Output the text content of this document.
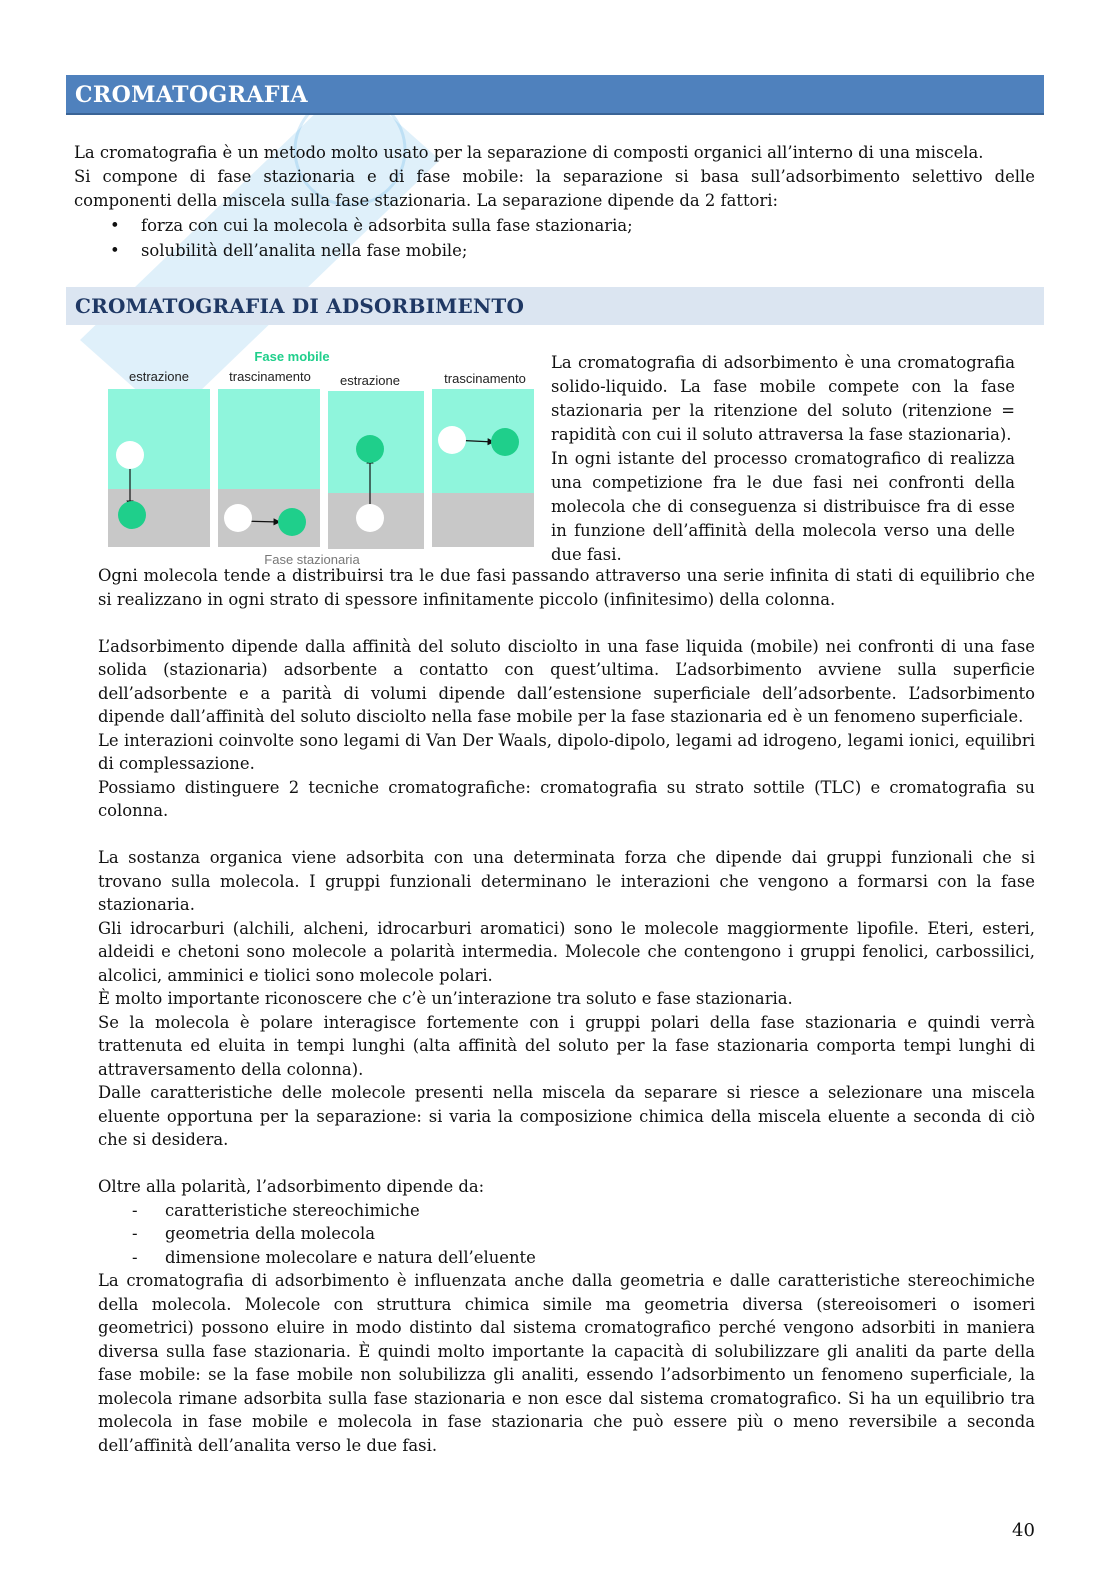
CROMATOGRAFIA
La cromatografia è un metodo molto usato per la separazione di composti organici all’interno di una miscela.
Si compone di fase stazionaria e di fase mobile: la separazione si basa sull’adsorbimento selettivo delle componenti della miscela sulla fase stazionaria. La separazione dipende da 2 fattori:
• forza con cui la molecola è adsorbita sulla fase stazionaria;
• solubilità dell’analita nella fase mobile;
CROMATOGRAFIA DI ADSORBIMENTO
Fase mobile
estrazione	trascinamento estrazione	trascinamento
Fase stazionaria

La cromatografia di adsorbimento è una cromatografia solido-liquido. La fase mobile compete con la fase stazionaria per la ritenzione del soluto (ritenzione = rapidità con cui il soluto attraversa la fase stazionaria).

In ogni istante del processo cromatografico di realizza una competizione fra le due fasi nei confronti della molecola che di conseguenza si distribuisce fra di esse in funzione dell’affinità della molecola verso una delle due fasi.

Ogni molecola tende a distribuirsi tra le due fasi passando attraverso una serie infinita di stati di equilibrio che si realizzano in ogni strato di spessore infinitamente piccolo (infinitesimo) della colonna.

L’adsorbimento dipende dalla affinità del soluto disciolto in una fase liquida (mobile) nei confronti di una fase solida (stazionaria) adsorbente a contatto con quest’ultima. L’adsorbimento avviene sulla superficie dell’adsorbente e a parità di volumi dipende dall’estensione superficiale dell’adsorbente. L’adsorbimento dipende dall’affinità del soluto disciolto nella fase mobile per la fase stazionaria ed è un fenomeno superficiale.

Le interazioni coinvolte sono legami di Van Der Waals, dipolo-dipolo, legami ad idrogeno, legami ionici, equilibri di complessazione.

Possiamo distinguere 2 tecniche cromatografiche: cromatografia su strato sottile (TLC) e cromatografia su colonna.

La sostanza organica viene adsorbita con una determinata forza che dipende dai gruppi funzionali che si trovano sulla molecola. I gruppi funzionali determinano le interazioni che vengono a formarsi con la fase stazionaria.

Gli idrocarburi (alchili, alcheni, idrocarburi aromatici) sono le molecole maggiormente lipofile. Eteri, esteri, aldeidi e chetoni sono molecole a polarità intermedia. Molecole che contengono i gruppi fenolici, carbossilici, alcolici, amminici e tiolici sono molecole polari.

È molto importante riconoscere che c’è un’interazione tra soluto e fase stazionaria.

Se la molecola è polare interagisce fortemente con i gruppi polari della fase stazionaria e quindi verrà trattenuta ed eluita in tempi lunghi (alta affinità del soluto per la fase stazionaria comporta tempi lunghi di attraversamento della colonna).

Dalle caratteristiche delle molecole presenti nella miscela da separare si riesce a selezionare una miscela eluente opportuna per la separazione: si varia la composizione chimica della miscela eluente a seconda di ciò che si desidera.

Oltre alla polarità, l’adsorbimento dipende da:

- caratteristiche stereochimiche
- geometria della molecola
- dimensione molecolare e natura dell’eluente

La cromatografia di adsorbimento è influenzata anche dalla geometria e dalle caratteristiche stereochimiche della molecola. Molecole con struttura chimica simile ma geometria diversa (stereoisomeri o isomeri geometrici) possono eluire in modo distinto dal sistema cromatografico perché vengono adsorbiti in maniera diversa sulla fase stazionaria. È quindi molto importante la capacità di solubilizzare gli analiti da parte della fase mobile: se la fase mobile non solubilizza gli analiti, essendo l’adsorbimento un fenomeno superficiale, la molecola rimane adsorbita sulla fase stazionaria e non esce dal sistema cromatografico. Si ha un equilibrio tra molecola in fase mobile e molecola in fase stazionaria che può essere più o meno reversibile a seconda dell’affinità dell’analita verso le due fasi.

40
